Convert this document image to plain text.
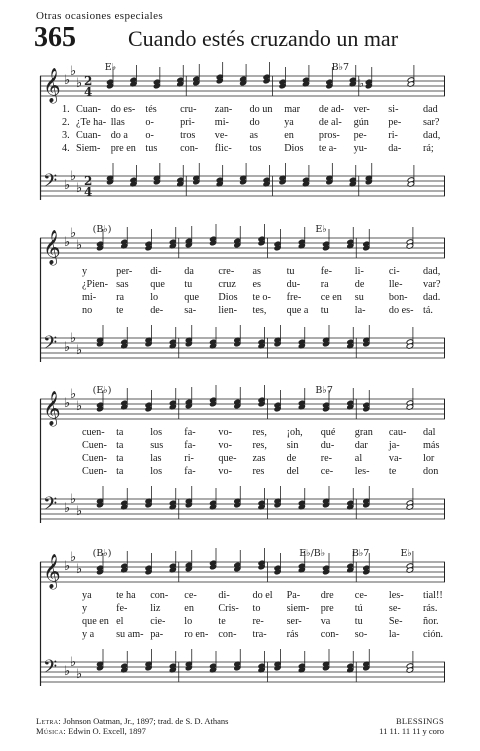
Otras ocasiones especiales
365 Cuando estés cruzando un mar
E♭	B♭7
𝄞 ♭
♭
♭ 2
4
♭
𝄢 ♭
♭
♭ 2
4
1. Cuan- do es- tés cru- zan- do un mar de ad- ver- si- dad
2. ¿Te ha- llas o-	pri- mi- do ya de al- gún pe- sar?
3. Cuan- do a o-	tros ve- as	en pros- pe- ri- dad,
4. Siem- pre en tus con- flic- tos Dios te a- yu- da- rá;
(B♭)	E♭
𝄞 ♭
♭
♭
𝄢 ♭
♭
♭
y	per- di- da cre- as	tu	fe- li- ci- dad,
¿Pien- sas que tu	cruz es	du- ra	de lle- var?
mi- ra	lo	que Dios te o- fre- ce en su bon- dad.
no te	de- sa- lien- tes, que a tu	la- do es- tá.
(E♭)	B♭7
𝄞 ♭
♭
♭
𝄢 ♭
♭
♭
cuen- ta	los fa- vo- res, ¡oh, qué gran cau- dal
Cuen- ta	sus fa- vo- res, sin du- dar ja- más
Cuen- ta	las ri- que- zas de re- al	va- lor
Cuen- ta	los fa- vo- res del ce- les- te	don
(B♭)	E♭/B♭	B♭7	E♭
𝄞 ♭
♭
♭
𝄢 ♭
♭
♭
ya te ha con- ce- di- do el Pa- dre ce- les- tial!!
y	fe- liz en Cris- to	siem- pre tú	se- rás.
que en el	cie- lo	te	re- ser- va tu	Se- ñor.
y a su am- pa- ro en- con- tra- rás con- so- la- ción.
Letra: Johnson Oatman, Jr., 1897; trad. de S. D. Athans
Música: Edwin O. Excell, 1897
BLESSINGS
11 11. 11 11 y coro
